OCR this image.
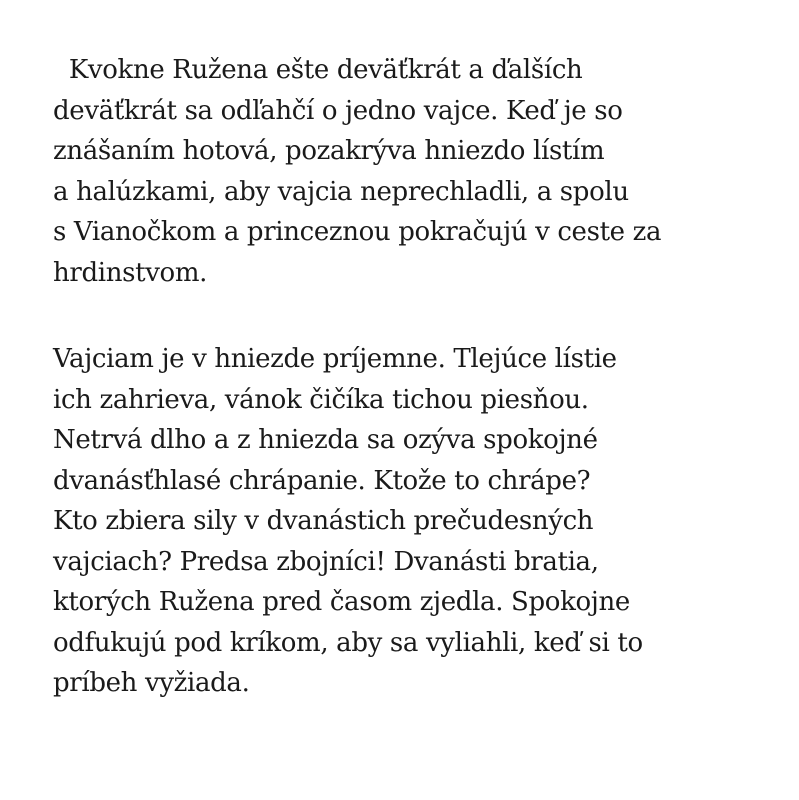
Kvokne Ružena ešte deväťkrát a ďalších
deväťkrát sa odľahčí o jedno vajce. Keď je so
znášaním hotová, pozakrýva hniezdo lístím
a halúzkami, aby vajcia neprechladli, a spolu
s Vianočkom a princeznou pokračujú v ceste za
hrdinstvom.
Vajciam je v hniezde príjemne. Tlejúce lístie
ich zahrieva, vánok čičíka tichou piesňou.
Netrvá dlho a z hniezda sa ozýva spokojné
dvanásťhlasé chrápanie. Ktože to chrápe?
Kto zbiera sily v dvanástich prečudesných
vajciach? Predsa zbojníci! Dvanásti bratia,
ktorých Ružena pred časom zjedla. Spokojne
odfukujú pod kríkom, aby sa vyliahli, keď si to
príbeh vyžiada.
